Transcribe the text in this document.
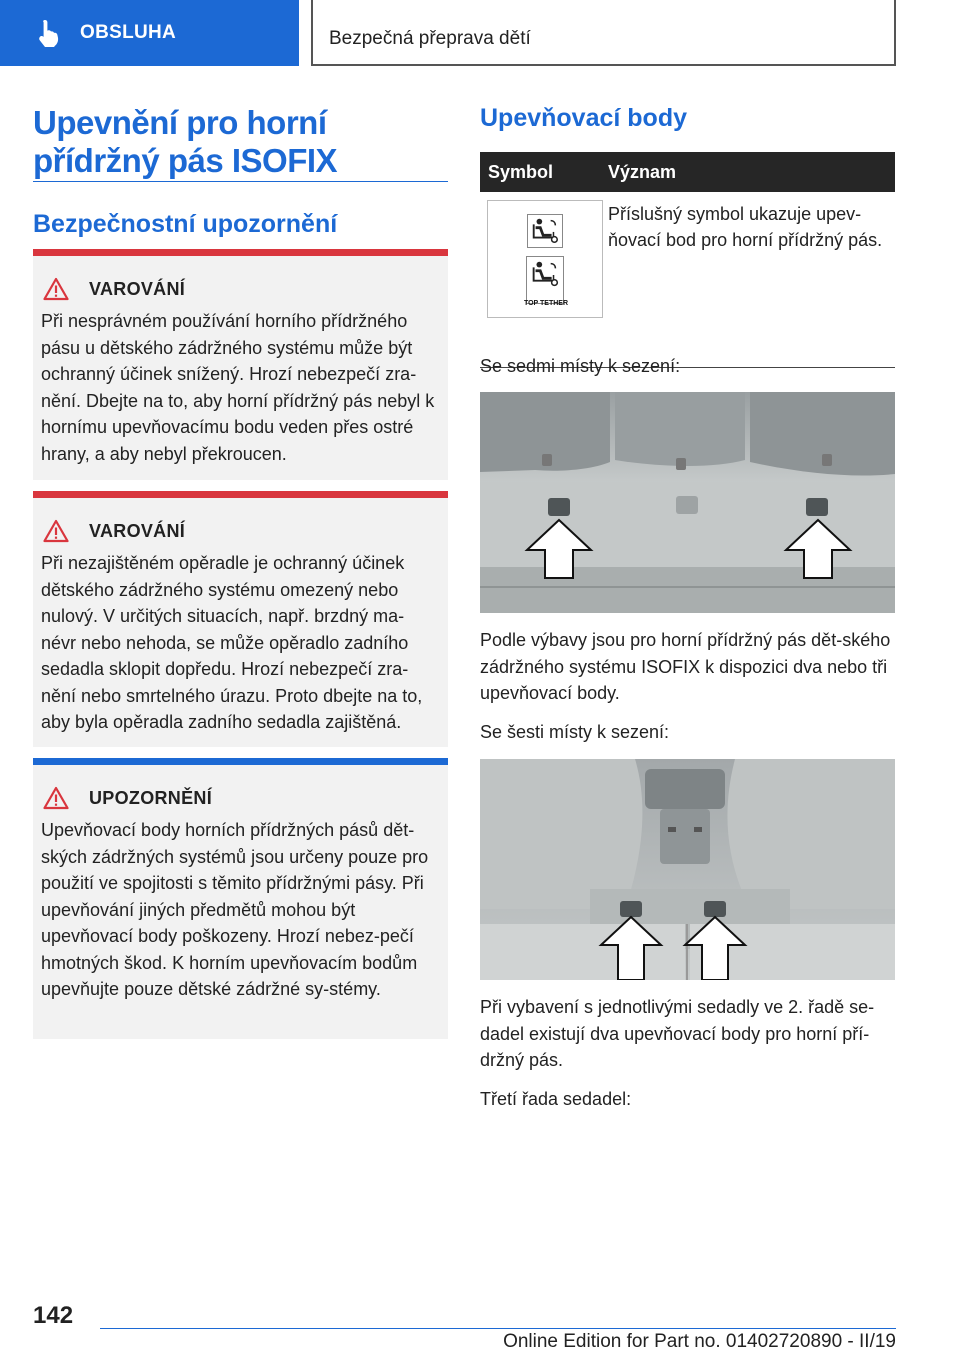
OBSLUHA	Bezpečná přeprava dětí
Upevnění pro horní přídržný pás ISOFIX
Bezpečnostní upozornění
VAROVÁNÍ

Při nesprávném používání horního přídržného pásu u dětského zádržného systému může být ochranný účinek snížený. Hrozí nebezpečí zra-nění. Dbejte na to, aby horní přídržný pás nebyl k hornímu upevňovacímu bodu veden přes ostré hrany, a aby nebyl překroucen.

VAROVÁNÍ

Při nezajištěném opěradle je ochranný účinek dětského zádržného systému omezený nebo nulový. V určitých situacích, např. brzdný ma-névr nebo nehoda, se může opěradlo zadního sedadla sklopit dopředu. Hrozí nebezpečí zra-nění nebo smrtelného úrazu. Proto dbejte na to, aby byla opěradla zadního sedadla zajištěná.

UPOZORNĚNÍ

Upevňovací body horních přídržných pásů dět-ských zádržných systémů jsou určeny pouze pro použití ve spojitosti s těmito přídržnými pásy. Při upevňování jiných předmětů mohou být upevňovací body poškozeny. Hrozí nebez-pečí hmotných škod. K horním upevňovacím bodům upevňujte pouze dětské zádržné sy-stémy.

Upevňovací body
Symbol	Význam
TOP TETHER
Příslušný symbol ukazuje upev-ňovací bod pro horní přídržný pás.
Se sedmi místy k sezení:
Podle výbavy jsou pro horní přídržný pás dět-ského zádržného systému ISOFIX k dispozici dva nebo tři upevňovací body.
Se šesti místy k sezení:
Při vybavení s jednotlivými sedadly ve 2. řadě se-dadel existují dva upevňovací body pro horní pří-držný pás.
Třetí řada sedadel:
142
Online Edition for Part no. 01402720890 - II/19
